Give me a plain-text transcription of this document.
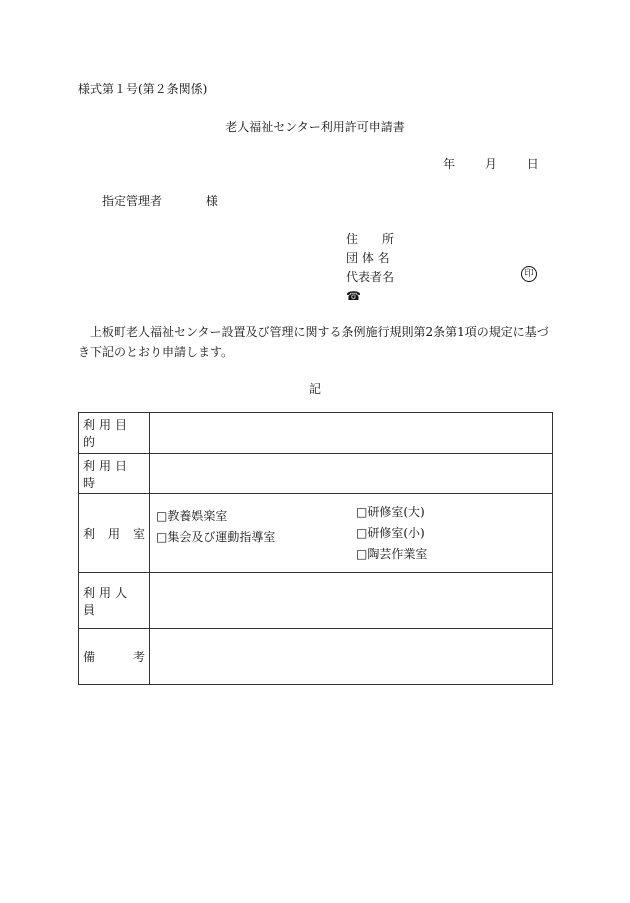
様式第１号(第２条関係)
老人福祉センター利用許可申請書
年 月 日
指定管理者	様
住　　所
団 体 名
代表者名
☎
印
上板町老人福祉センター設置及び管理に関する条例施行規則第2条第1項の規定に基づき下記のとおり申請します。
記
利用目的	
利用日時	
利　用　室	□教養娯楽室
□集会及び運動指導室
□研修室(大)
□研修室(小)
□陶芸作業室

利用人員	
備　　考	
